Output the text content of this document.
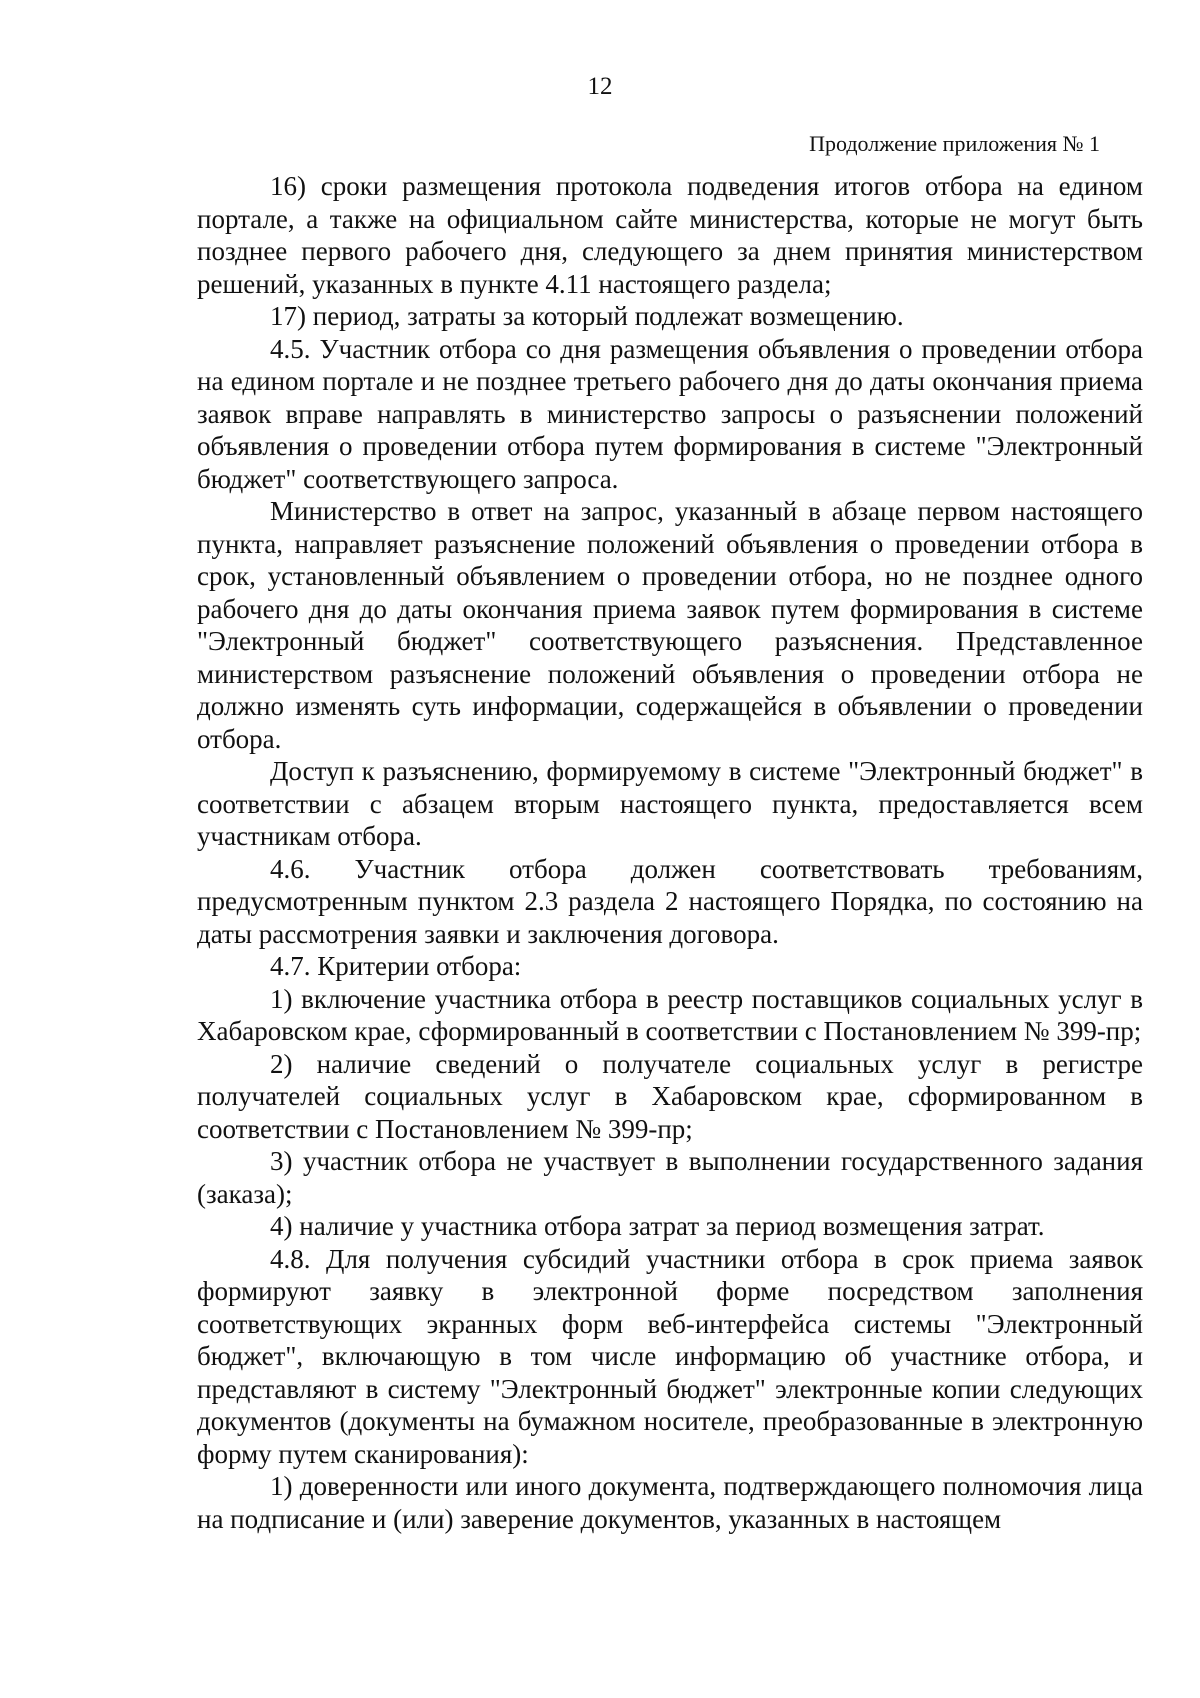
12
Продолжение приложения № 1

16) сроки размещения протокола подведения итогов отбора на едином портале, а также на официальном сайте министерства, которые не могут быть позднее первого рабочего дня, следующего за днем принятия министерством решений, указанных в пункте 4.11 настоящего раздела;

17) период, затраты за который подлежат возмещению.

4.5. Участник отбора со дня размещения объявления о проведении отбора на едином портале и не позднее третьего рабочего дня до даты окончания приема заявок вправе направлять в министерство запросы о разъяснении положений объявления о проведении отбора путем формирования в системе "Электронный бюджет" соответствующего запроса.

Министерство в ответ на запрос, указанный в абзаце первом настоящего пункта, направляет разъяснение положений объявления о проведении отбора в срок, установленный объявлением о проведении отбора, но не позднее одного рабочего дня до даты окончания приема заявок путем формирования в системе "Электронный бюджет" соответствующего разъяснения. Представленное министерством разъяснение положений объявления о проведении отбора не должно изменять суть информации, содержащейся в объявлении о проведении отбора.

Доступ к разъяснению, формируемому в системе "Электронный бюджет" в соответствии с абзацем вторым настоящего пункта, предоставляется всем участникам отбора.

4.6. Участник отбора должен соответствовать требованиям, предусмотренным пунктом 2.3 раздела 2 настоящего Порядка, по состоянию на даты рассмотрения заявки и заключения договора.

4.7. Критерии отбора:

1) включение участника отбора в реестр поставщиков социальных услуг в Хабаровском крае, сформированный в соответствии с Постановлением № 399-пр;

2) наличие сведений о получателе социальных услуг в регистре получателей социальных услуг в Хабаровском крае, сформированном в соответствии с Постановлением № 399-пр;

3) участник отбора не участвует в выполнении государственного задания (заказа);

4) наличие у участника отбора затрат за период возмещения затрат.

4.8. Для получения субсидий участники отбора в срок приема заявок формируют заявку в электронной форме посредством заполнения соответствующих экранных форм веб-интерфейса системы "Электронный бюджет", включающую в том числе информацию об участнике отбора, и представляют в систему "Электронный бюджет" электронные копии следующих документов (документы на бумажном носителе, преобразованные в электронную форму путем сканирования):

1) доверенности или иного документа, подтверждающего полномочия лица на подписание и (или) заверение документов, указанных в настоящем
